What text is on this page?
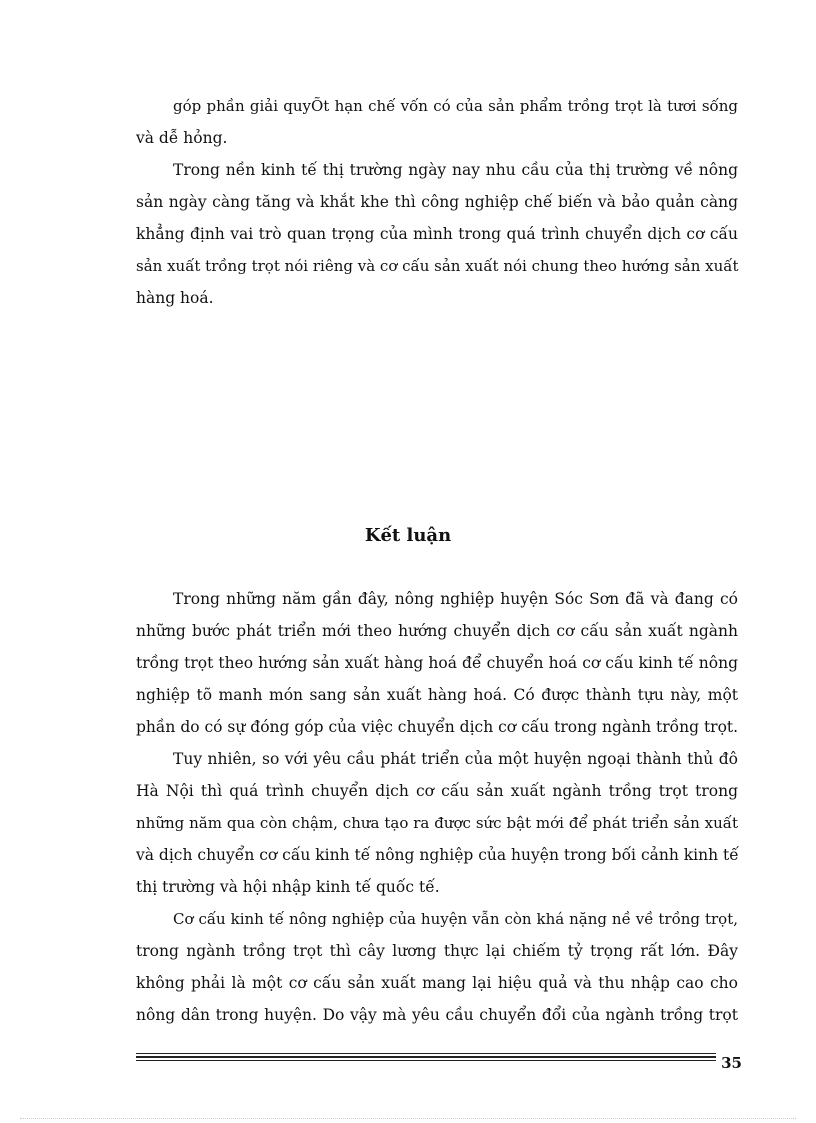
góp phần giải quyÕt hạn chế vốn có của sản phẩm trồng trọt là tươi sống
và dễ hỏng.
Trong nền kinh tế thị trường ngày nay nhu cầu của thị trường về nông
sản ngày càng tăng và khắt khe thì công nghiệp chế biến và bảo quản càng
khẳng định vai trò quan trọng của mình trong quá trình chuyển dịch cơ cấu
sản xuất trồng trọt nói riêng và cơ cấu sản xuất nói chung theo hướng sản xuất
hàng hoá.
Kết luận
Trong những năm gần đây, nông nghiệp huyện Sóc Sơn đã và đang có
những bước phát triển mới theo hướng chuyển dịch cơ cấu sản xuất ngành
trồng trọt theo hướng sản xuất hàng hoá để chuyển hoá cơ cấu kinh tế nông
nghiệp tõ manh món sang sản xuất hàng hoá. Có được thành tựu này, một
phần do có sự đóng góp của việc chuyển dịch cơ cấu trong ngành trồng trọt.
Tuy nhiên, so với yêu cầu phát triển của một huyện ngoại thành thủ đô
Hà Nội thì quá trình chuyển dịch cơ cấu sản xuất ngành trồng trọt trong
những năm qua còn chậm, chưa tạo ra được sức bật mới để phát triển sản xuất
và dịch chuyển cơ cấu kinh tế nông nghiệp của huyện trong bối cảnh kinh tế
thị trường và hội nhập kinh tế quốc tế.
Cơ cấu kinh tế nông nghiệp của huyện vẫn còn khá nặng nề về trồng trọt,
trong ngành trồng trọt thì cây lương thực lại chiếm tỷ trọng rất lớn. Đây
không phải là một cơ cấu sản xuất mang lại hiệu quả và thu nhập cao cho
nông dân trong huyện. Do vậy mà yêu cầu chuyển đổi của ngành trồng trọt
35
